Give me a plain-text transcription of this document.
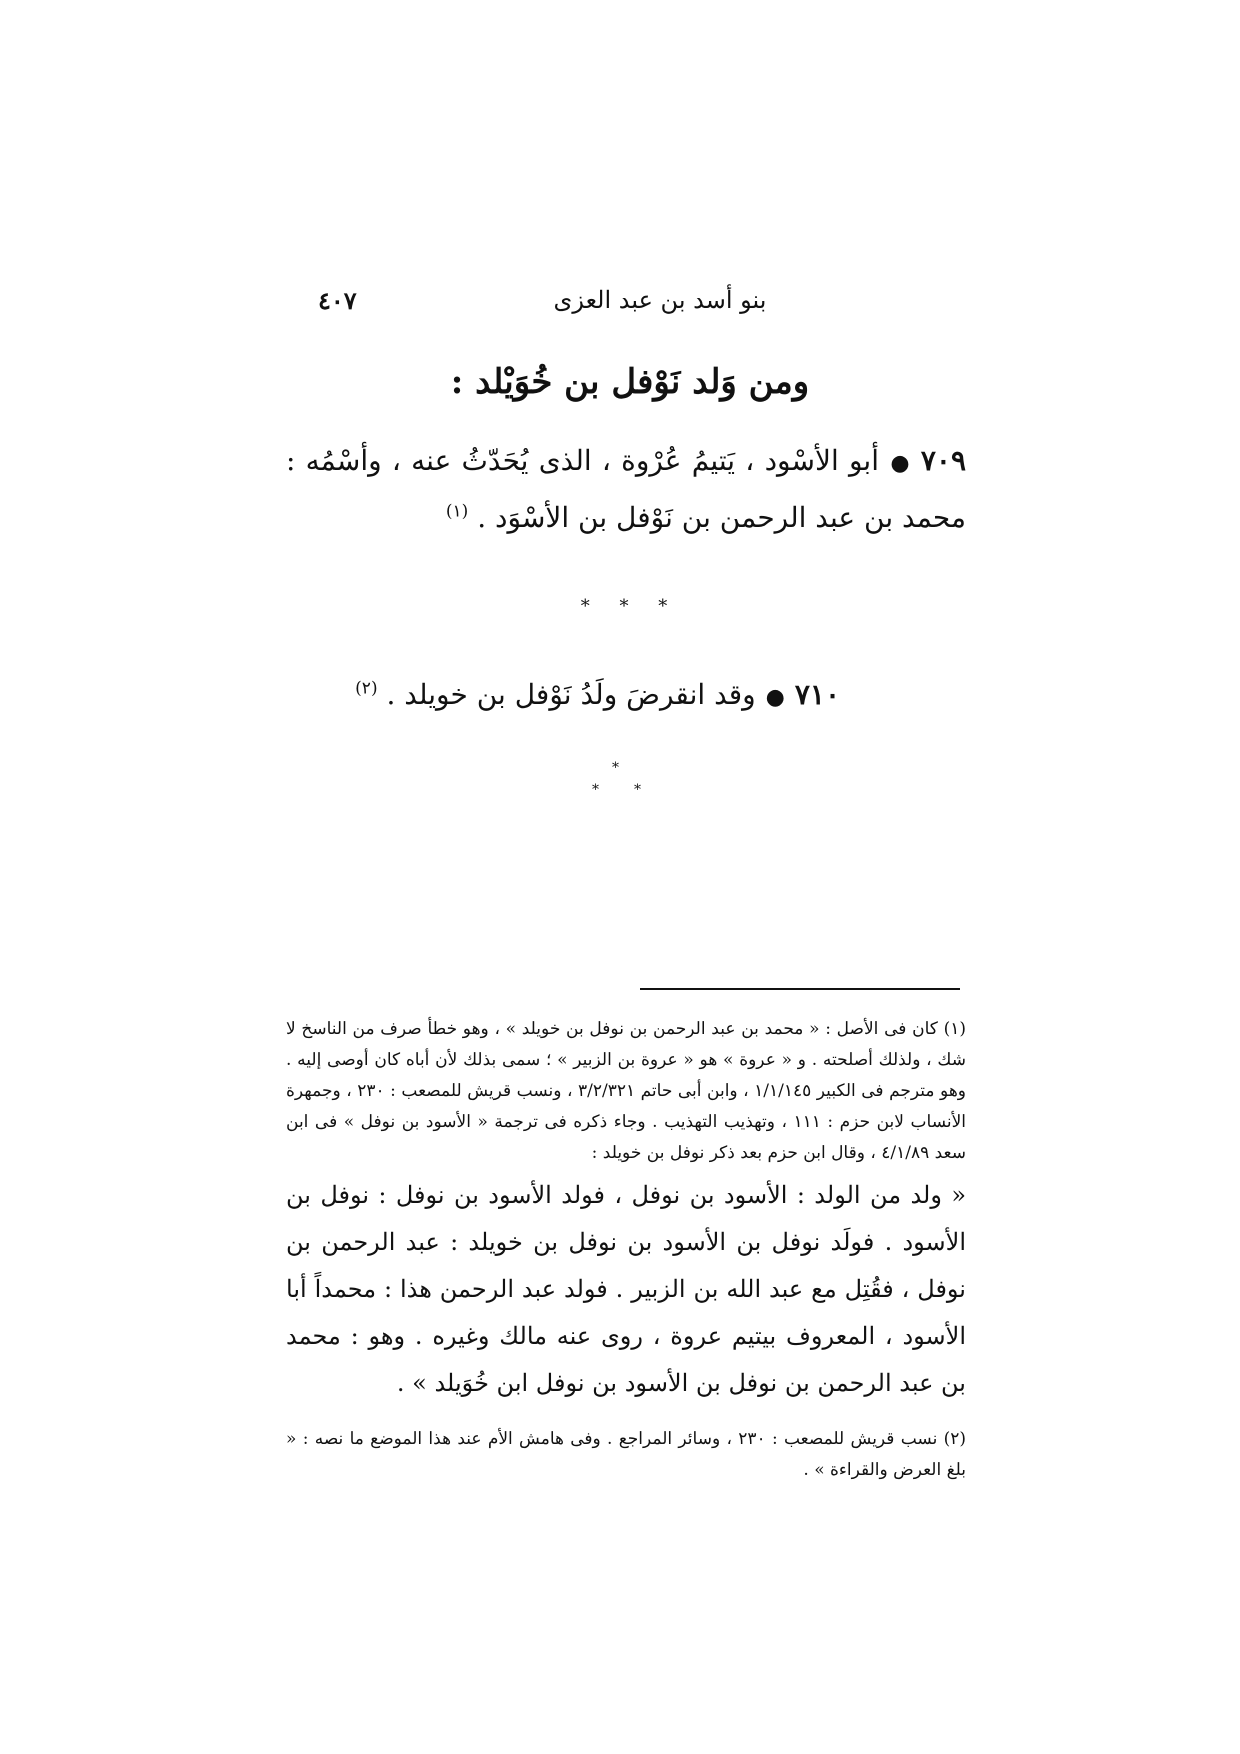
٤٠٧	بنو أسد بن عبد العزى
ومن وَلد نَوْفل بن خُوَيْلد :
٧٠٩●أبو الأسْود ، يَتيمُ عُرْوة ، الذى يُحَدّثُ عنه ، وأسْمُه : محمد بن عبد الرحمن بن نَوْفل بن الأسْوَد . $^{(١)}$
* * *
٧١٠●وقد انقرضَ ولَدُ نَوْفل بن خويلد . $^{(٢)}$
*
*	*
(١) كان فى الأصل : « محمد بن عبد الرحمن بن نوفل بن خويلد » ، وهو خطأ صرف من الناسخ لا شك ، ولذلك أصلحته . و « عروة » هو « عروة بن الزبير » ؛ سمى بذلك لأن أباه كان أوصى إليه . وهو مترجم فى الكبير ١/١/١٤٥ ، وابن أبى حاتم ٣/٢/٣٢١ ، ونسب قريش للمصعب : ٢٣٠ ، وجمهرة الأنساب لابن حزم : ١١١ ، وتهذيب التهذيب . وجاء ذكره فى ترجمة « الأسود بن نوفل » فى ابن سعد ٤/١/٨٩ ، وقال ابن حزم بعد ذكر نوفل بن خويلد :
« ولد من الولد : الأسود بن نوفل ، فولد الأسود بن نوفل : نوفل بن الأسود . فولَد نوفل بن الأسود بن نوفل بن خويلد : عبد الرحمن بن نوفل ، فقُتِل مع عبد الله بن الزبير . فولد عبد الرحمن هذا : محمداً أبا الأسود ، المعروف بيتيم عروة ، روى عنه مالك وغيره . وهو : محمد بن عبد الرحمن بن نوفل بن الأسود بن نوفل ابن خُوَيلد » .
(٢) نسب قريش للمصعب : ٢٣٠ ، وسائر المراجع . وفى هامش الأم عند هذا الموضع ما نصه : « بلغ العرض والقراءة » .
